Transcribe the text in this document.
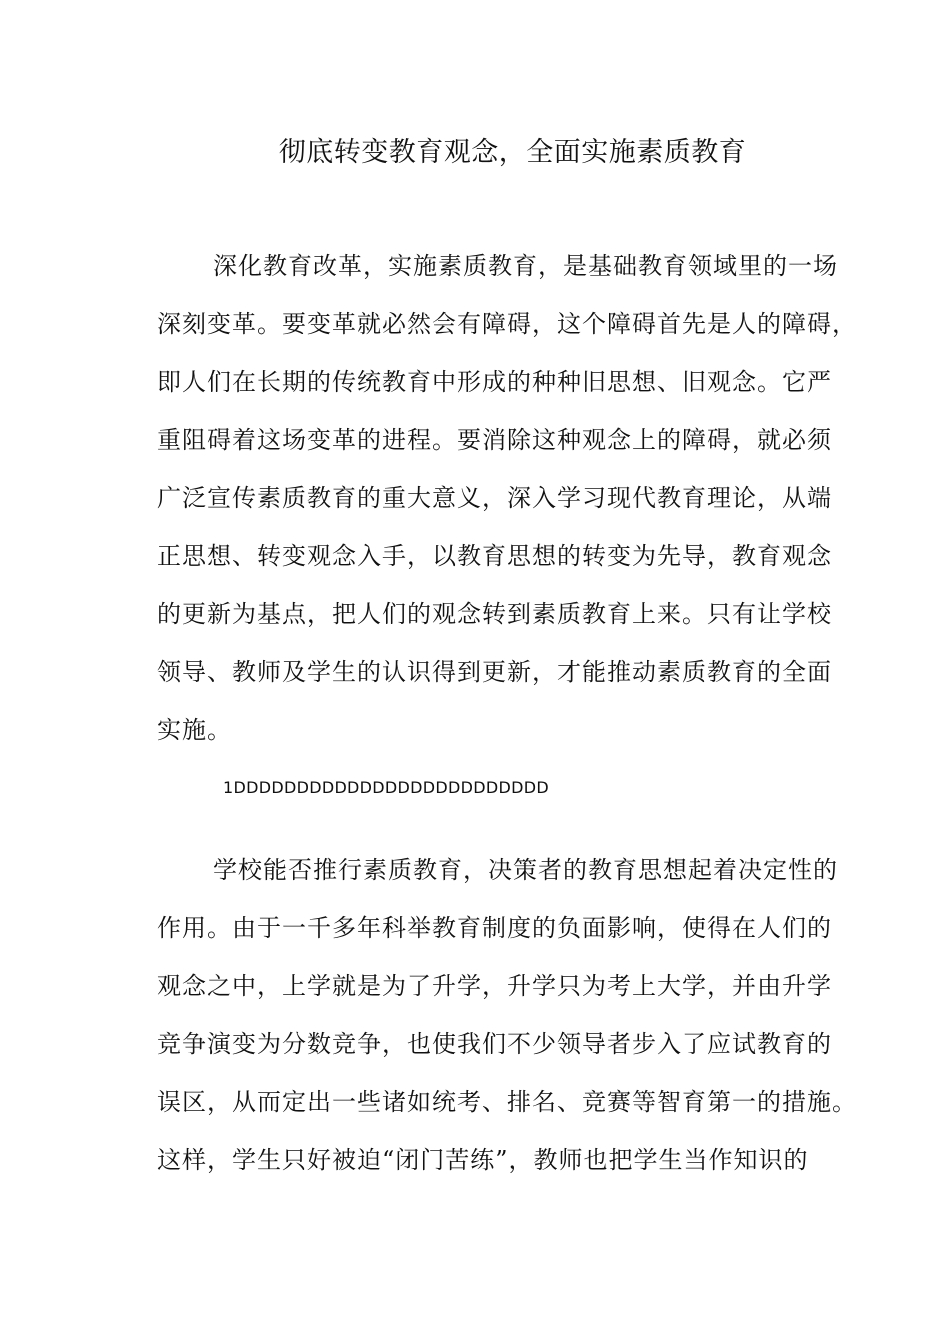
彻底转变教育观念，全面实施素质教育
深化教育改革，实施素质教育，是基础教育领域里的一场
深刻变革。要变革就必然会有障碍，这个障碍首先是人的障碍，
即人们在长期的传统教育中形成的种种旧思想、旧观念。它严
重阻碍着这场变革的进程。要消除这种观念上的障碍，就必须
广泛宣传素质教育的重大意义，深入学习现代教育理论，从端
正思想、转变观念入手，以教育思想的转变为先导，教育观念
的更新为基点，把人们的观念转到素质教育上来。只有让学校
领导、教师及学生的认识得到更新，才能推动素质教育的全面
实施。
1DDDDDDDDDDDDDDDDDDDDDDDDD
学校能否推行素质教育，决策者的教育思想起着决定性的
作用。由于一千多年科举教育制度的负面影响，使得在人们的
观念之中，上学就是为了升学，升学只为考上大学，并由升学
竞争演变为分数竞争，也使我们不少领导者步入了应试教育的
误区，从而定出一些诸如统考、排名、竞赛等智育第一的措施。
这样，学生只好被迫“闭门苦练”，教师也把学生当作知识的
